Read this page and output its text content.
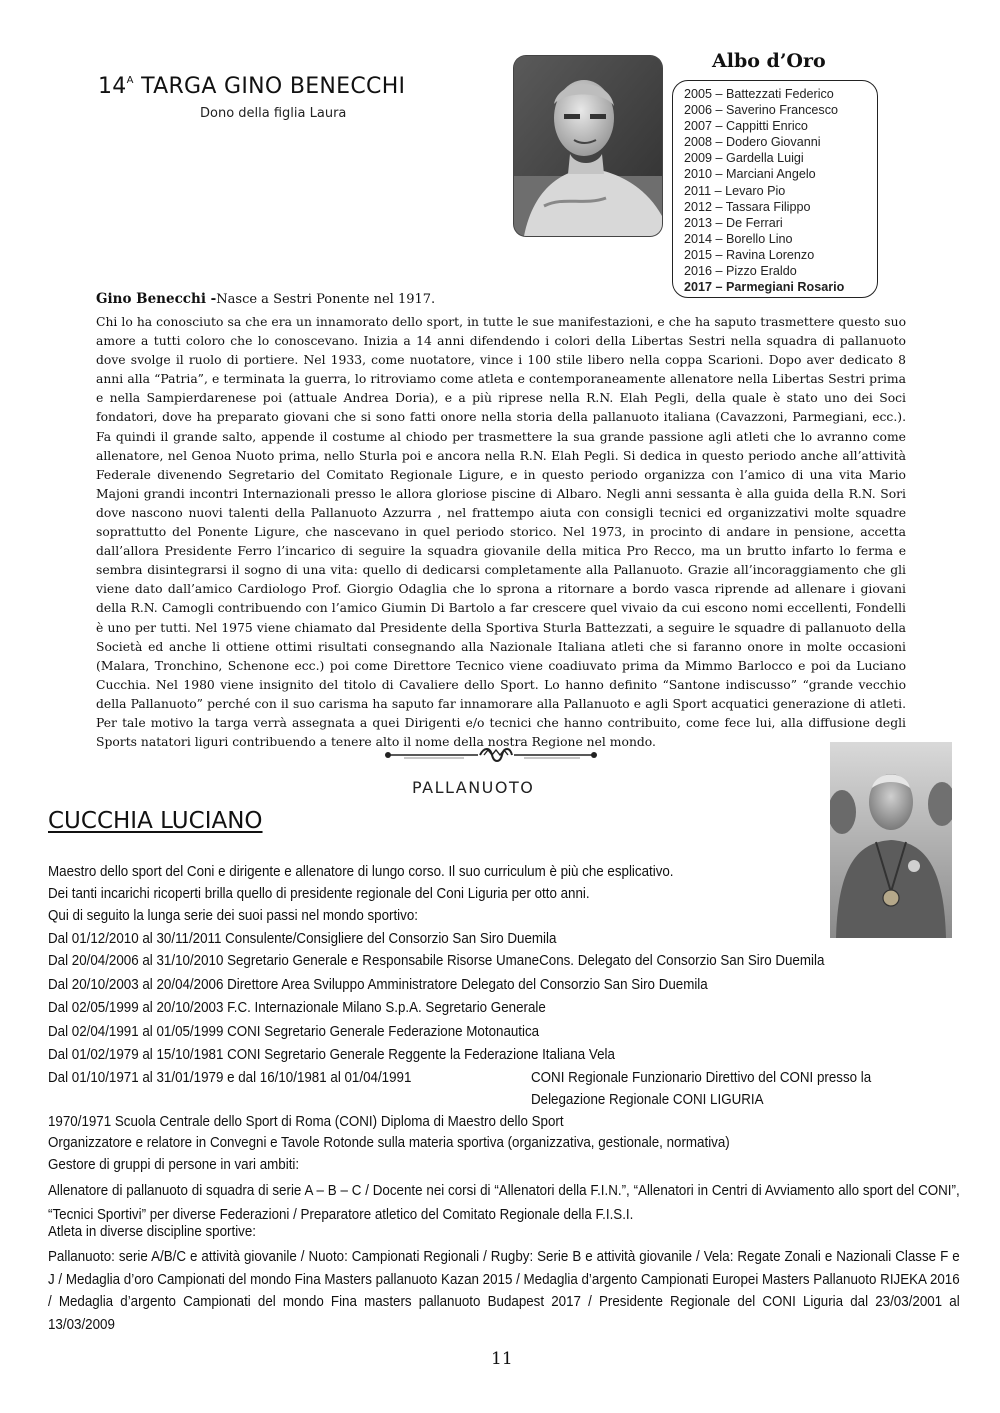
$14^A$ TARGA GINO BENECCHI
Dono della figlia Laura
Albo d’Oro
2005 – Battezzati Federico
2006 – Saverino Francesco
2007 – Cappitti Enrico
2008 – Dodero Giovanni
2009 – Gardella Luigi
2010 – Marciani Angelo
2011 – Levaro Pio
2012 – Tassara Filippo
2013 – De Ferrari
2014 – Borello Lino
2015 – Ravina Lorenzo
2016 – Pizzo Eraldo
2017 – Parmegiani Rosario
Gino Benecchi -Nasce a Sestri Ponente nel 1917.

Chi lo ha conosciuto sa che era un innamorato dello sport, in tutte le sue manifestazioni, e che ha saputo trasmettere questo suo amore a tutti coloro che lo conoscevano. Inizia a 14 anni difendendo i colori della Libertas Sestri nella squadra di pallanuoto dove svolge il ruolo di portiere. Nel 1933, come nuotatore, vince i 100 stile libero nella coppa Scarioni. Dopo aver dedicato 8 anni alla “Patria”, e terminata la guerra, lo ritroviamo come atleta e contemporaneamente allenatore nella Libertas Sestri prima e nella Sampierdarenese poi (attuale Andrea Doria), e a più riprese nella R.N. Elah Pegli, della quale è stato uno dei Soci fondatori, dove ha preparato giovani che si sono fatti onore nella storia della pallanuoto italiana (Cavazzoni, Parmegiani, ecc.). Fa quindi il grande salto, appende il costume al chiodo per trasmettere la sua grande passione agli atleti che lo avranno come allenatore, nel Genoa Nuoto prima, nello Sturla poi e ancora nella R.N. Elah Pegli. Si dedica in questo periodo anche all’attività Federale divenendo Segretario del Comitato Regionale Ligure, e in questo periodo organizza con l’amico di una vita Mario Majoni grandi incontri Internazionali presso le allora gloriose piscine di Albaro. Negli anni sessanta è alla guida della R.N. Sori dove nascono nuovi talenti della Pallanuoto Azzurra , nel frattempo aiuta con consigli tecnici ed organizzativi molte squadre soprattutto del Ponente Ligure, che nascevano in quel periodo storico. Nel 1973, in procinto di andare in pensione, accetta dall’allora Presidente Ferro l’incarico di seguire la squadra giovanile della mitica Pro Recco, ma un brutto infarto lo ferma e sembra disintegrarsi il sogno di una vita: quello di dedicarsi completamente alla Pallanuoto. Grazie all’incoraggiamento che gli viene dato dall’amico Cardiologo Prof. Giorgio Odaglia che lo sprona a ritornare a bordo vasca riprende ad allenare i giovani della R.N. Camogli contribuendo con l’amico Giumin Di Bartolo a far crescere quel vivaio da cui escono nomi eccellenti, Fondelli è uno per tutti. Nel 1975 viene chiamato dal Presidente della Sportiva Sturla Battezzati, a seguire le squadre di pallanuoto della Società ed anche li ottiene ottimi risultati consegnando alla Nazionale Italiana atleti che si faranno onore in molte occasioni (Malara, Tronchino, Schenone ecc.) poi come Direttore Tecnico viene coadiuvato prima da Mimmo Barlocco e poi da Luciano Cucchia. Nel 1980 viene insignito del titolo di Cavaliere dello Sport. Lo hanno definito “Santone indiscusso” “grande vecchio della Pallanuoto” perché con il suo carisma ha saputo far innamorare alla Pallanuoto e agli Sport acquatici generazione di atleti. Per tale motivo la targa verrà assegnata a quei Dirigenti e/o tecnici che hanno contribuito, come fece lui, alla diffusione degli Sports natatori liguri contribuendo a tenere alto il nome della nostra Regione nel mondo.

PALLANUOTO
CUCCHIA LUCIANO
Maestro dello sport del Coni e dirigente e allenatore di lungo corso. Il suo curriculum è più che esplicativo.
Dei tanti incarichi ricoperti brilla quello di presidente regionale del Coni Liguria per otto anni.
Qui di seguito la lunga serie dei suoi passi nel mondo sportivo:
Dal 01/12/2010 al 30/11/2011 Consulente/Consigliere del Consorzio San Siro Duemila
Dal 20/04/2006 al 31/10/2010 Segretario Generale e Responsabile Risorse UmaneCons. Delegato del Consorzio San Siro Duemila
Dal 20/10/2003 al 20/04/2006 Direttore Area Sviluppo Amministratore Delegato del Consorzio San Siro Duemila
Dal 02/05/1999 al 20/10/2003 F.C. Internazionale Milano S.p.A. Segretario Generale
Dal 02/04/1991 al 01/05/1999 CONI Segretario Generale Federazione Motonautica
Dal 01/02/1979 al 15/10/1981 CONI Segretario Generale Reggente la Federazione Italiana Vela
Dal 01/10/1971 al 31/01/1979 e dal 16/10/1981 al 01/04/1991	CONI Regionale Funzionario Direttivo del CONI presso la
Delegazione Regionale CONI LIGURIA
1970/1971 Scuola Centrale dello Sport di Roma (CONI) Diploma di Maestro dello Sport
Organizzatore e relatore in Convegni e Tavole Rotonde sulla materia sportiva (organizzativa, gestionale, normativa)
Gestore di gruppi di persone in vari ambiti:

Allenatore di pallanuoto di squadra di serie A – B – C / Docente nei corsi di “Allenatori della F.I.N.”, “Allenatori in Centri di Avviamento allo sport del CONI”, “Tecnici Sportivi” per diverse Federazioni / Preparatore atletico del Comitato Regionale della F.I.S.I.

Atleta in diverse discipline sportive:

Pallanuoto: serie A/B/C e attività giovanile / Nuoto: Campionati Regionali / Rugby: Serie B e attività giovanile / Vela: Regate Zonali e Nazionali Classe F e J / Medaglia d’oro Campionati del mondo Fina Masters pallanuoto Kazan 2015 / Medaglia d’argento Campionati Europei Masters Pallanuoto RIJEKA 2016 / Medaglia d’argento Campionati del mondo Fina masters pallanuoto Budapest 2017 / Presidente Regionale del CONI Liguria dal 23/03/2001 al 13/03/2009

11
